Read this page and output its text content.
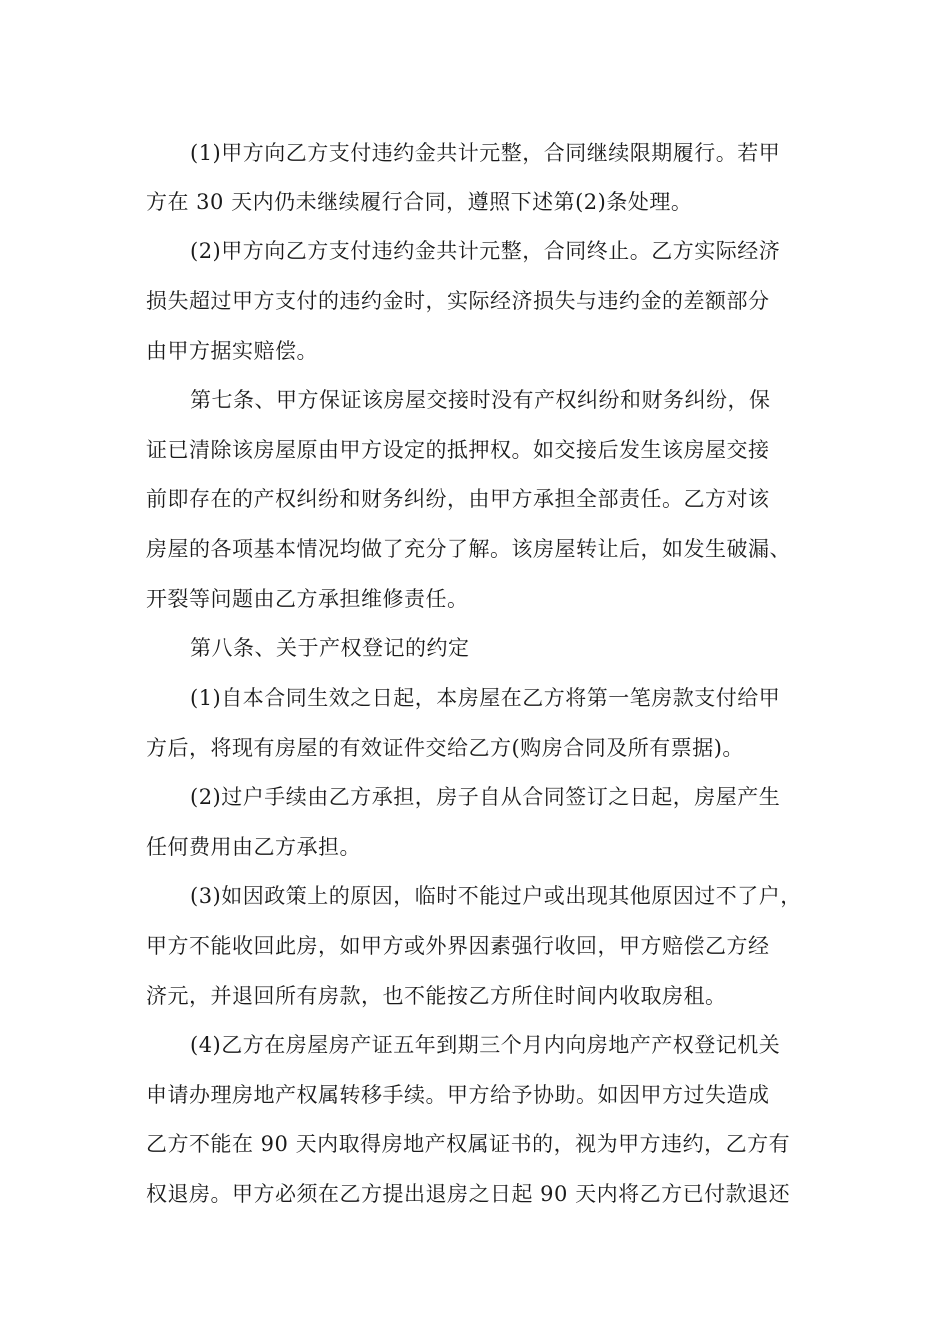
(1)甲方向乙方支付违约金共计元整，合同继续限期履行。若甲
方在 30 天内仍未继续履行合同，遵照下述第(2)条处理。
(2)甲方向乙方支付违约金共计元整，合同终止。乙方实际经济
损失超过甲方支付的违约金时，实际经济损失与违约金的差额部分
由甲方据实赔偿。
第七条、甲方保证该房屋交接时没有产权纠纷和财务纠纷，保
证已清除该房屋原由甲方设定的抵押权。如交接后发生该房屋交接
前即存在的产权纠纷和财务纠纷，由甲方承担全部责任。乙方对该
房屋的各项基本情况均做了充分了解。该房屋转让后，如发生破漏、
开裂等问题由乙方承担维修责任。
第八条、关于产权登记的约定
(1)自本合同生效之日起，本房屋在乙方将第一笔房款支付给甲
方后，将现有房屋的有效证件交给乙方(购房合同及所有票据)。
(2)过户手续由乙方承担，房子自从合同签订之日起，房屋产生
任何费用由乙方承担。
(3)如因政策上的原因，临时不能过户或出现其他原因过不了户，
甲方不能收回此房，如甲方或外界因素强行收回，甲方赔偿乙方经
济元，并退回所有房款，也不能按乙方所住时间内收取房租。
(4)乙方在房屋房产证五年到期三个月内向房地产产权登记机关
申请办理房地产权属转移手续。甲方给予协助。如因甲方过失造成
乙方不能在 90 天内取得房地产权属证书的，视为甲方违约，乙方有
权退房。甲方必须在乙方提出退房之日起 90 天内将乙方已付款退还
